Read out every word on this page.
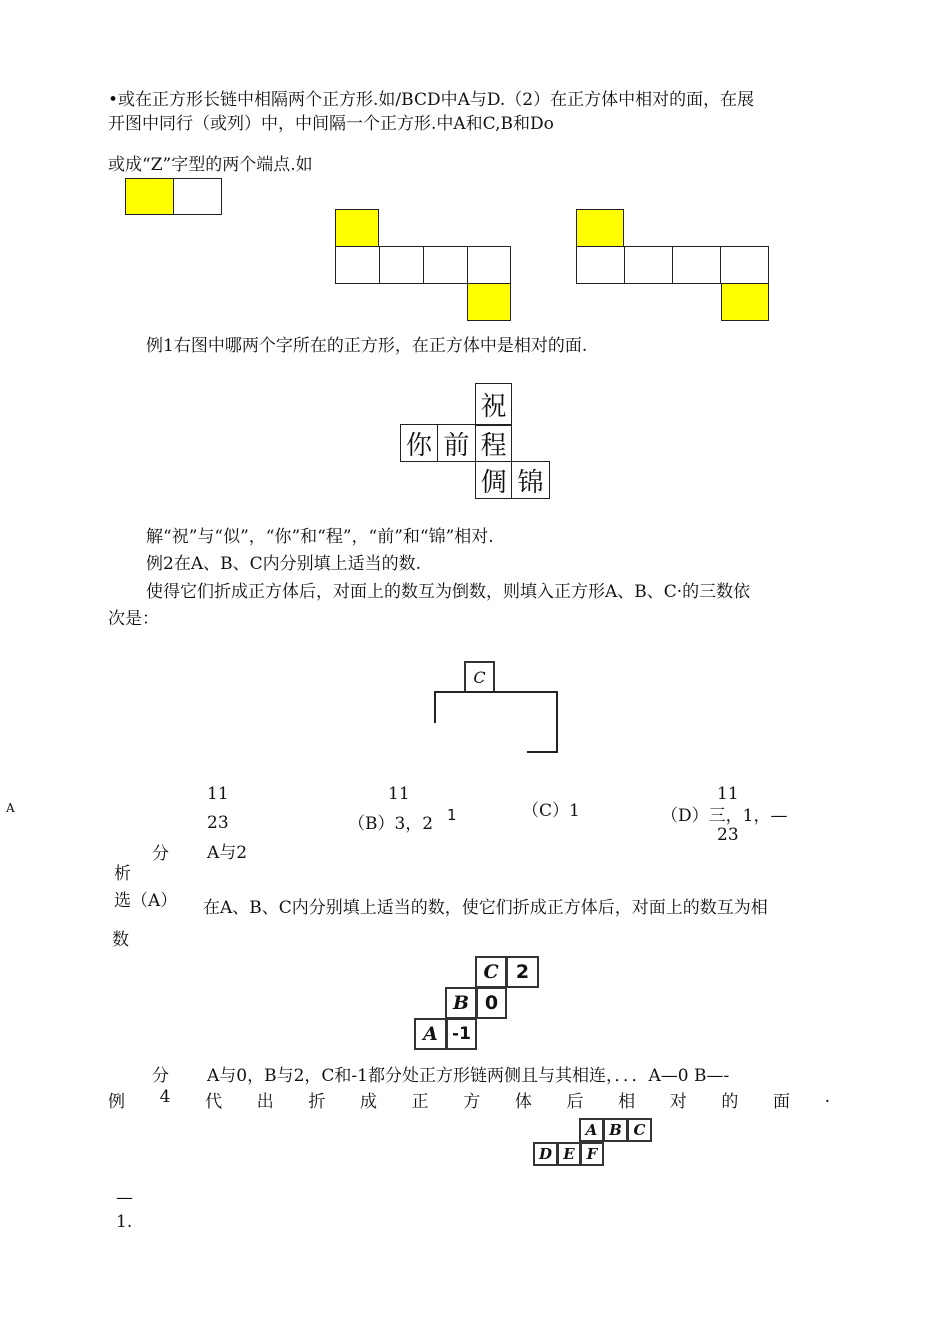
•或在正方形长链中相隔两个正方形.如/BCD中A与D.（2）在正方体中相对的面，在展
开图中同行（或列）中，中间隔一个正方形.中A和C,B和Do
或成“Z”字型的两个端点.如
例1右图中哪两个字所在的正方形，在正方体中是相对的面.
祝
你 前 程
倜 锦
解“祝”与“似”，“你”和“程”，“前”和“锦”相对.
例2在A、B、C内分别填上适当的数.
使得它们折成正方体后，对面上的数互为倒数，则填入正方形A、B、C·的三数依
次是：
C
A
11
23
11
（B）3，2 1	（C）1
11
（D）三，1，—
23
分 A与2
析
选（A） 在A、B、C内分别填上适当的数，使它们折成正方体后，对面上的数互为相
数
C 2
B 0
A -1
分 A与0，B与2，C和-1都分处正方形链两侧且与其相连，．．．A—0 B—-
例 4 代 出 折 成 正 方 体 后 相 对 的 面 .
A B C
D E F
—
1.
